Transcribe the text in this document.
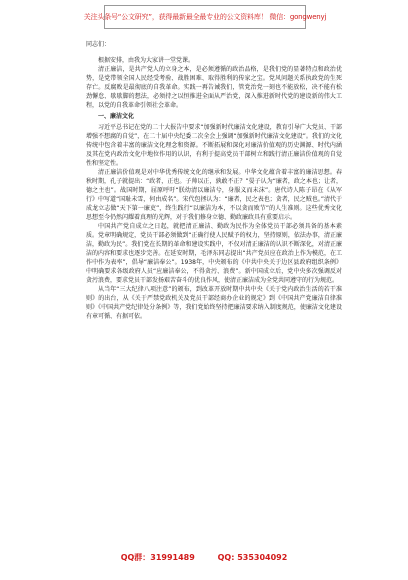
关注头条号“公文研究”，获得最新最全最专业的公文资料库！ 微信：gongwenyj

同志们：

根据安排，由我为大家讲一堂党课。

清正廉洁，是共产党人的立身之本，是必须遵循的政治品格，是我们党的显著特点和政治优势，是党带领全国人民经受考验、战胜困难、取得胜利的传家之宝。党风问题关系执政党的生死存亡。反腐败是最彻底的自我革命。实践一再告诫我们，管党治党一刻也不能放松，决不能有松劲懈怠、歇歇脚的想法，必须持之以恒推进全面从严治党，深入推进新时代党的建设新的伟大工程，以党的自我革命引领社会革命。

一、廉洁文化

习近平总书记在党的二十大报告中要求“加强新时代廉洁文化建设，教育引导广大党员、干部增强不想腐的自觉”，在二十届中央纪委二次全会上强调“加强新时代廉洁文化建设”。我们的文化传统中包含着丰富的廉洁文化理念和资源。不断拓展和深化对廉洁价值观的历史渊源、时代内涵及其在党内政治文化中地位作用的认识，有利于提高党员干部树立和践行清正廉洁价值观的自觉性和坚定性。

清正廉洁价值观是对中华优秀传统文化的继承和发展。中华文化蕴含着丰富的廉洁思想。春秋时期，孔子就提出：“政者，正也。子帅以正，孰敢不正？”晏子认为“廉者，政之本也；让者，德之主也”。战国时期，屈原呼吁“朕幼清以廉洁兮，身服义而未沫”。唐代诗人陈子昂在《从军行》中写道“国耻未雪，何由成名”。宋代包拯认为：“廉者，民之表也；贪者，民之贼也。”清代于成龙立志做“天下第一廉吏”，终生践行“以廉洁为本，不以贪而败节”的人生准则。这些优秀文化思想至今仍然闪耀着真理的光辉，对于我们修身立德、勤政廉政具有重要启示。

中国共产党自成立之日起，就把清正廉洁、勤政为民作为全体党员干部必须具备的基本素质。党章明确规定，党员干部必须做到“正确行使人民赋予的权力，坚持原则，依法办事，清正廉洁，勤政为民”。我们党在长期的革命和建设实践中，不仅对清正廉洁的认识不断深化，对清正廉洁的内容和要求也逐步完善。在延安时期，毛泽东同志提出“共产党员应在政治上作为模范，在工作中作为表率”，倡导“廉洁奉公”。1938年，中央颁布的《中共中央关于边区县政府组织条例》中明确要求各级政府人员“应廉洁奉公，不得贪污、浪费”。新中国成立后，党中央多次强调反对贪污浪费，要求党员干部发扬艰苦奋斗的优良作风，使清正廉洁成为全党共同遵守的行为规范。

从当年“三大纪律八项注意”的颁布，到改革开放时期中共中央《关于党内政治生活的若干准则》的出台，从《关于严禁党政机关及党员干部经商办企业的规定》到《中国共产党廉洁自律准则》《中国共产党纪律处分条例》等，我们党始终坚持把廉洁要求纳入制度规范，使廉洁文化建设有章可循、有据可依。

QQ群：31991489	QQ: 535304092
